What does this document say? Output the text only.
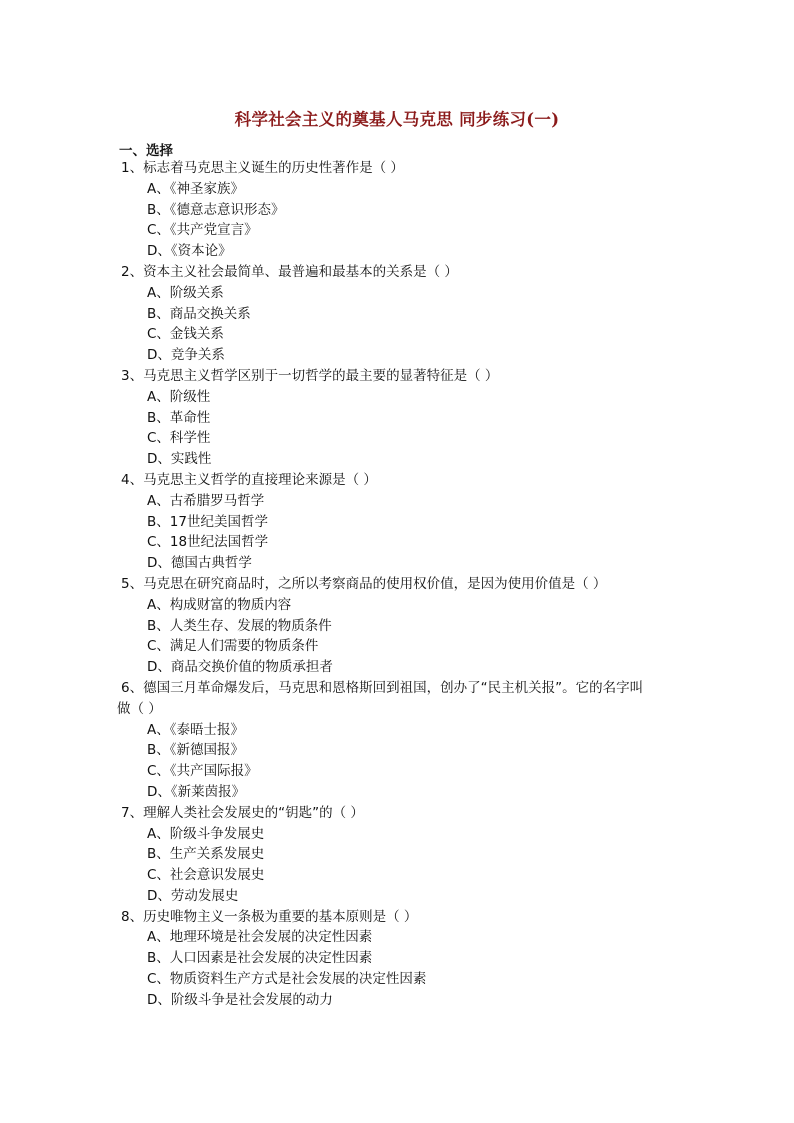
科学社会主义的奠基人马克思 同步练习(一)
一、选择
1、标志着马克思主义诞生的历史性著作是（ ）
A、《神圣家族》
B、《德意志意识形态》
C、《共产党宣言》
D、《资本论》
2、资本主义社会最简单、最普遍和最基本的关系是（ ）
A、阶级关系
B、商品交换关系
C、金钱关系
D、竞争关系
3、马克思主义哲学区别于一切哲学的最主要的显著特征是（ ）
A、阶级性
B、革命性
C、科学性
D、实践性
4、马克思主义哲学的直接理论来源是（ ）
A、古希腊罗马哲学
B、17世纪美国哲学
C、18世纪法国哲学
D、德国古典哲学
5、马克思在研究商品时，之所以考察商品的使用权价值，是因为使用价值是（ ）
A、构成财富的物质内容
B、人类生存、发展的物质条件
C、满足人们需要的物质条件
D、商品交换价值的物质承担者
6、德国三月革命爆发后，马克思和恩格斯回到祖国，创办了“民主机关报”。它的名字叫
做（ ）
A、《泰晤士报》
B、《新德国报》
C、《共产国际报》
D、《新莱茵报》
7、理解人类社会发展史的“钥匙”的（ ）
A、阶级斗争发展史
B、生产关系发展史
C、社会意识发展史
D、劳动发展史
8、历史唯物主义一条极为重要的基本原则是（ ）
A、地理环境是社会发展的决定性因素
B、人口因素是社会发展的决定性因素
C、物质资料生产方式是社会发展的决定性因素
D、阶级斗争是社会发展的动力
